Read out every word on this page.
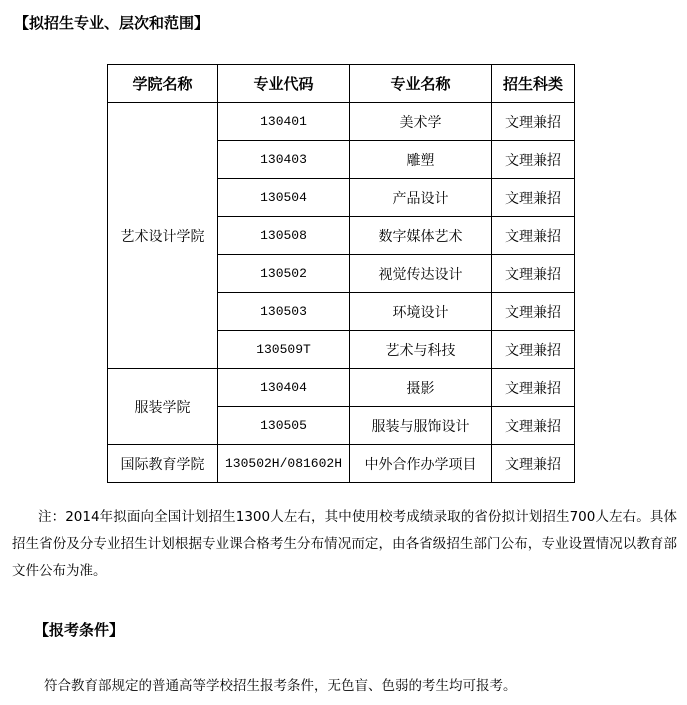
【拟招生专业、层次和范围】
学院名称	专业代码	专业名称	招生科类
艺术设计学院	130401	美术学	文理兼招
	130403	雕塑	文理兼招
	130504	产品设计	文理兼招
	130508	数字媒体艺术	文理兼招
	130502	视觉传达设计	文理兼招
	130503	环境设计	文理兼招
	130509T	艺术与科技	文理兼招
服装学院	130404	摄影	文理兼招
	130505	服装与服饰设计	文理兼招
国际教育学院	130502H/081602H	中外合作办学项目	文理兼招
注：2014年拟面向全国计划招生1300人左右，其中使用校考成绩录取的省份拟计划招生700人左右。具体招生省份及分专业招生计划根据专业课合格考生分布情况而定，由各省级招生部门公布，专业设置情况以教育部文件公布为准。
【报考条件】
符合教育部规定的普通高等学校招生报考条件，无色盲、色弱的考生均可报考。
